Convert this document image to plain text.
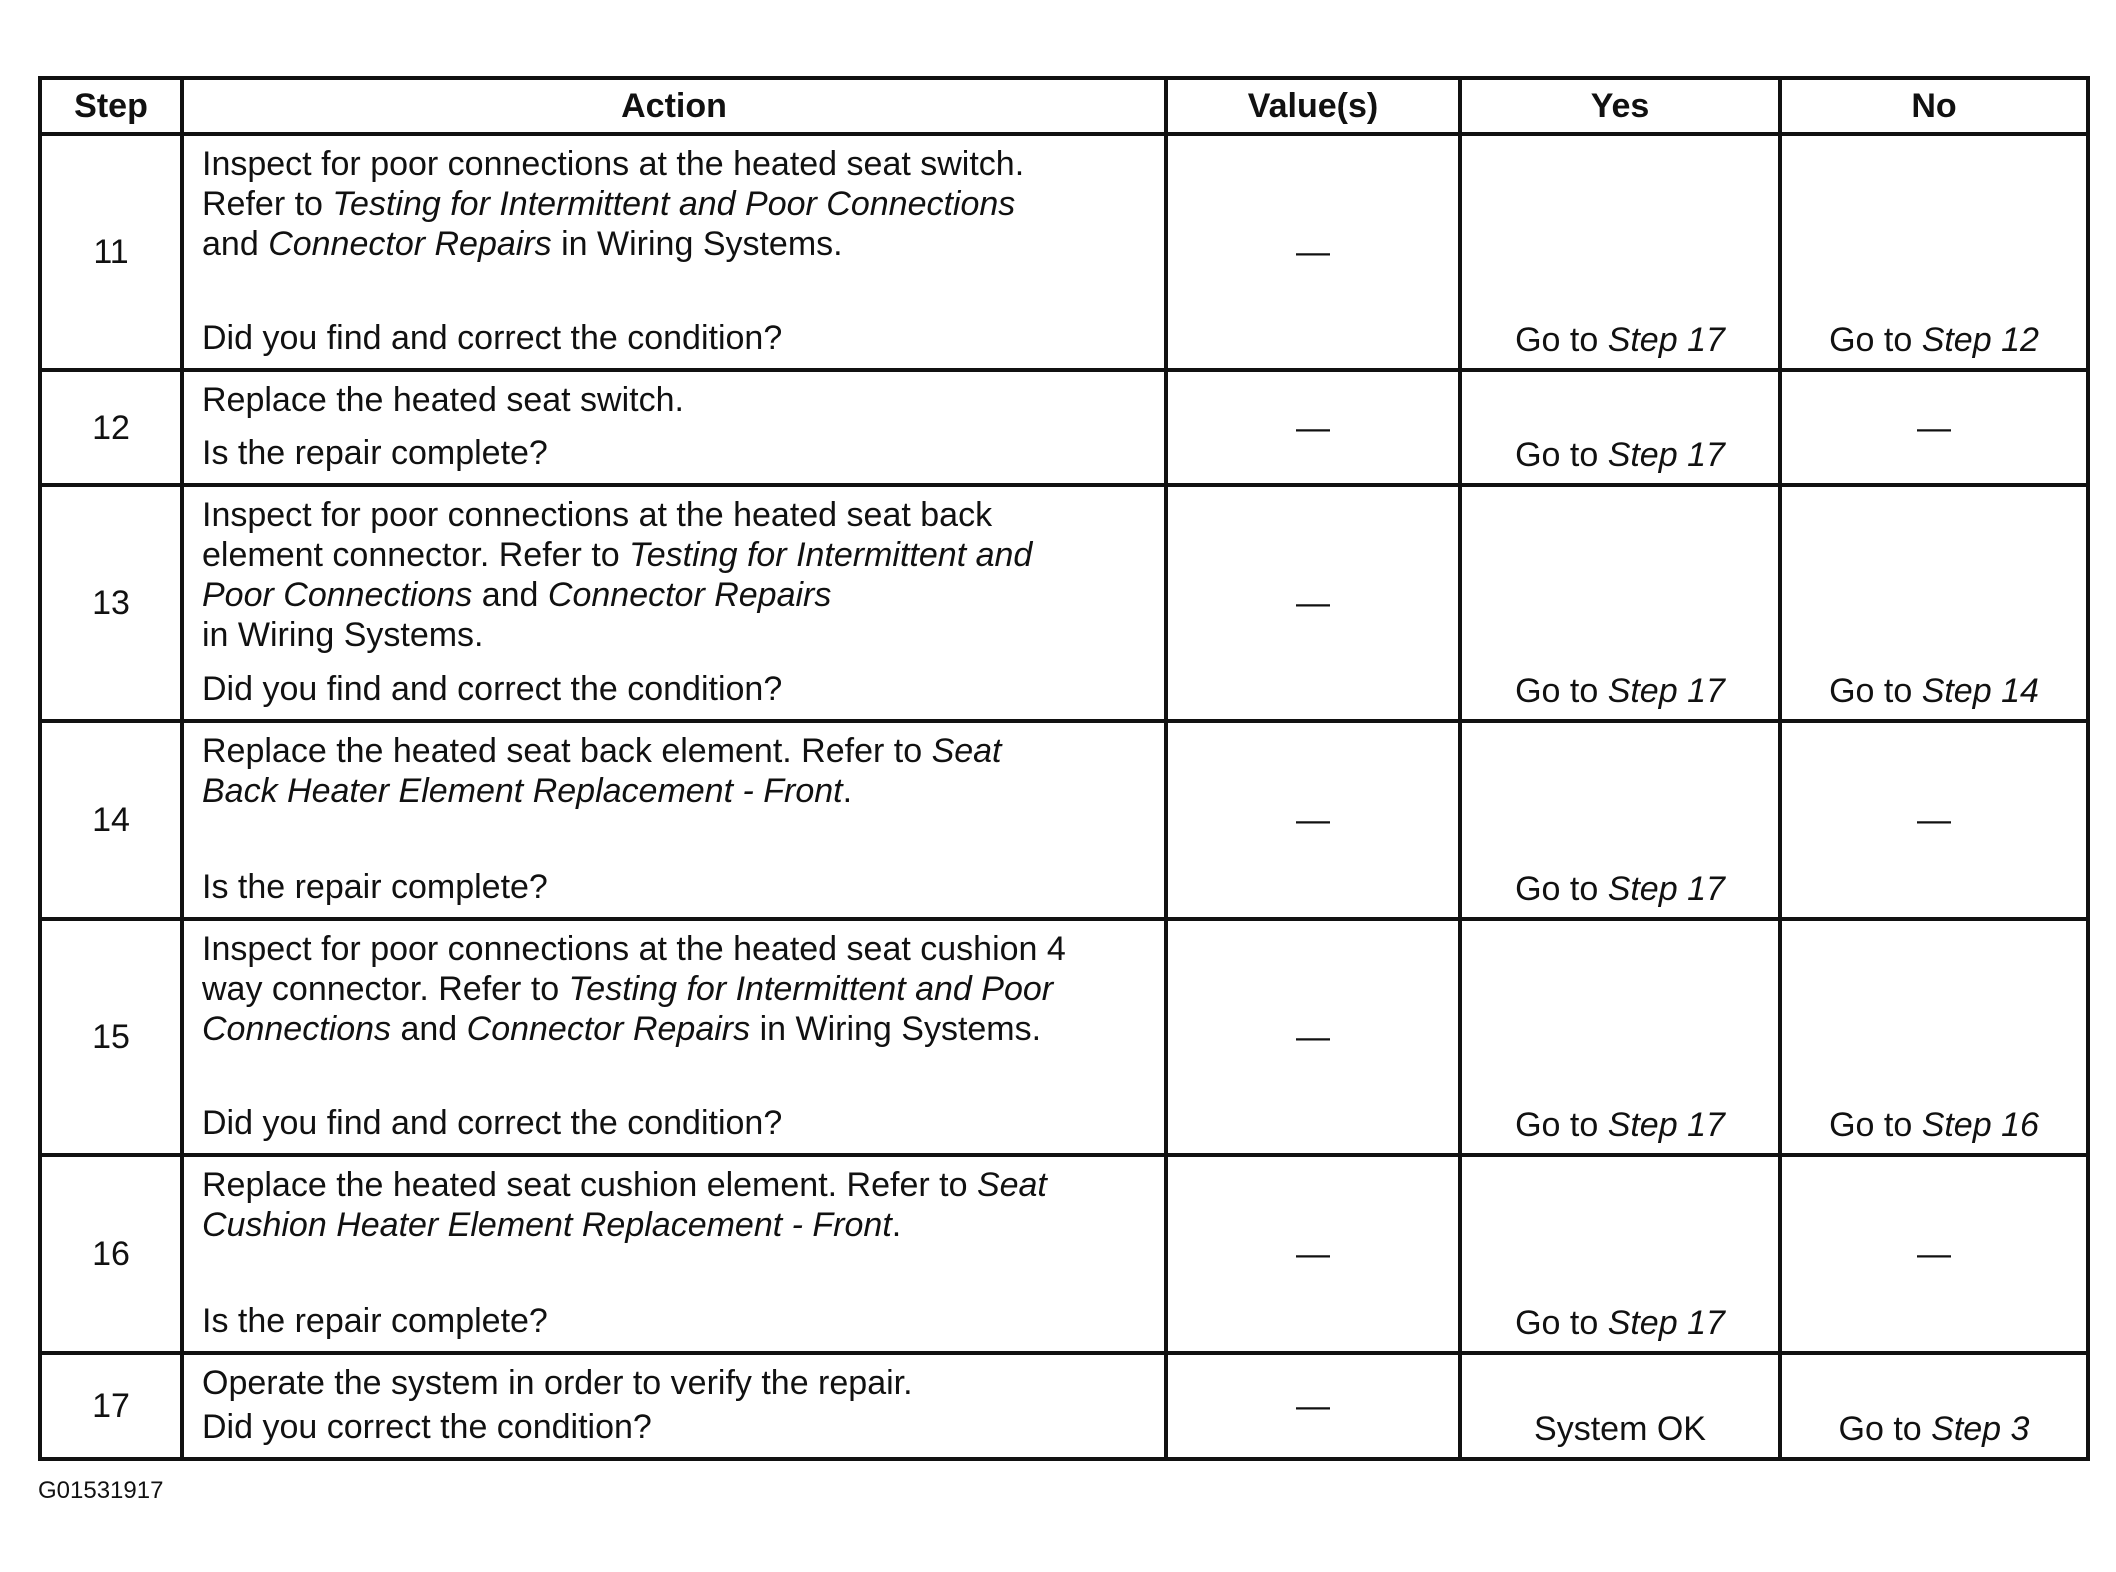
Step	Action	Value(s)	Yes	No
11	Inspect for poor connections at the heated seat switch.
Refer to Testing for Intermittent and Poor Connections
and Connector Repairs in Wiring Systems.
Did you find and correct the condition?	—	Go to Step 17	Go to Step 12
12	Replace the heated seat switch.
Is the repair complete?	—	Go to Step 17	—
13	Inspect for poor connections at the heated seat back
element connector. Refer to Testing for Intermittent and
Poor Connections and Connector Repairs
in Wiring Systems.
Did you find and correct the condition?	—	Go to Step 17	Go to Step 14
14	Replace the heated seat back element. Refer to Seat
Back Heater Element Replacement - Front.
Is the repair complete?	—	Go to Step 17	—
15	Inspect for poor connections at the heated seat cushion 4
way connector. Refer to Testing for Intermittent and Poor
Connections and Connector Repairs in Wiring Systems.
Did you find and correct the condition?	—	Go to Step 17	Go to Step 16
16	Replace the heated seat cushion element. Refer to Seat
Cushion Heater Element Replacement - Front.
Is the repair complete?	—	Go to Step 17	—
17	Operate the system in order to verify the repair.
Did you correct the condition?	—	System OK	Go to Step 3
G01531917
